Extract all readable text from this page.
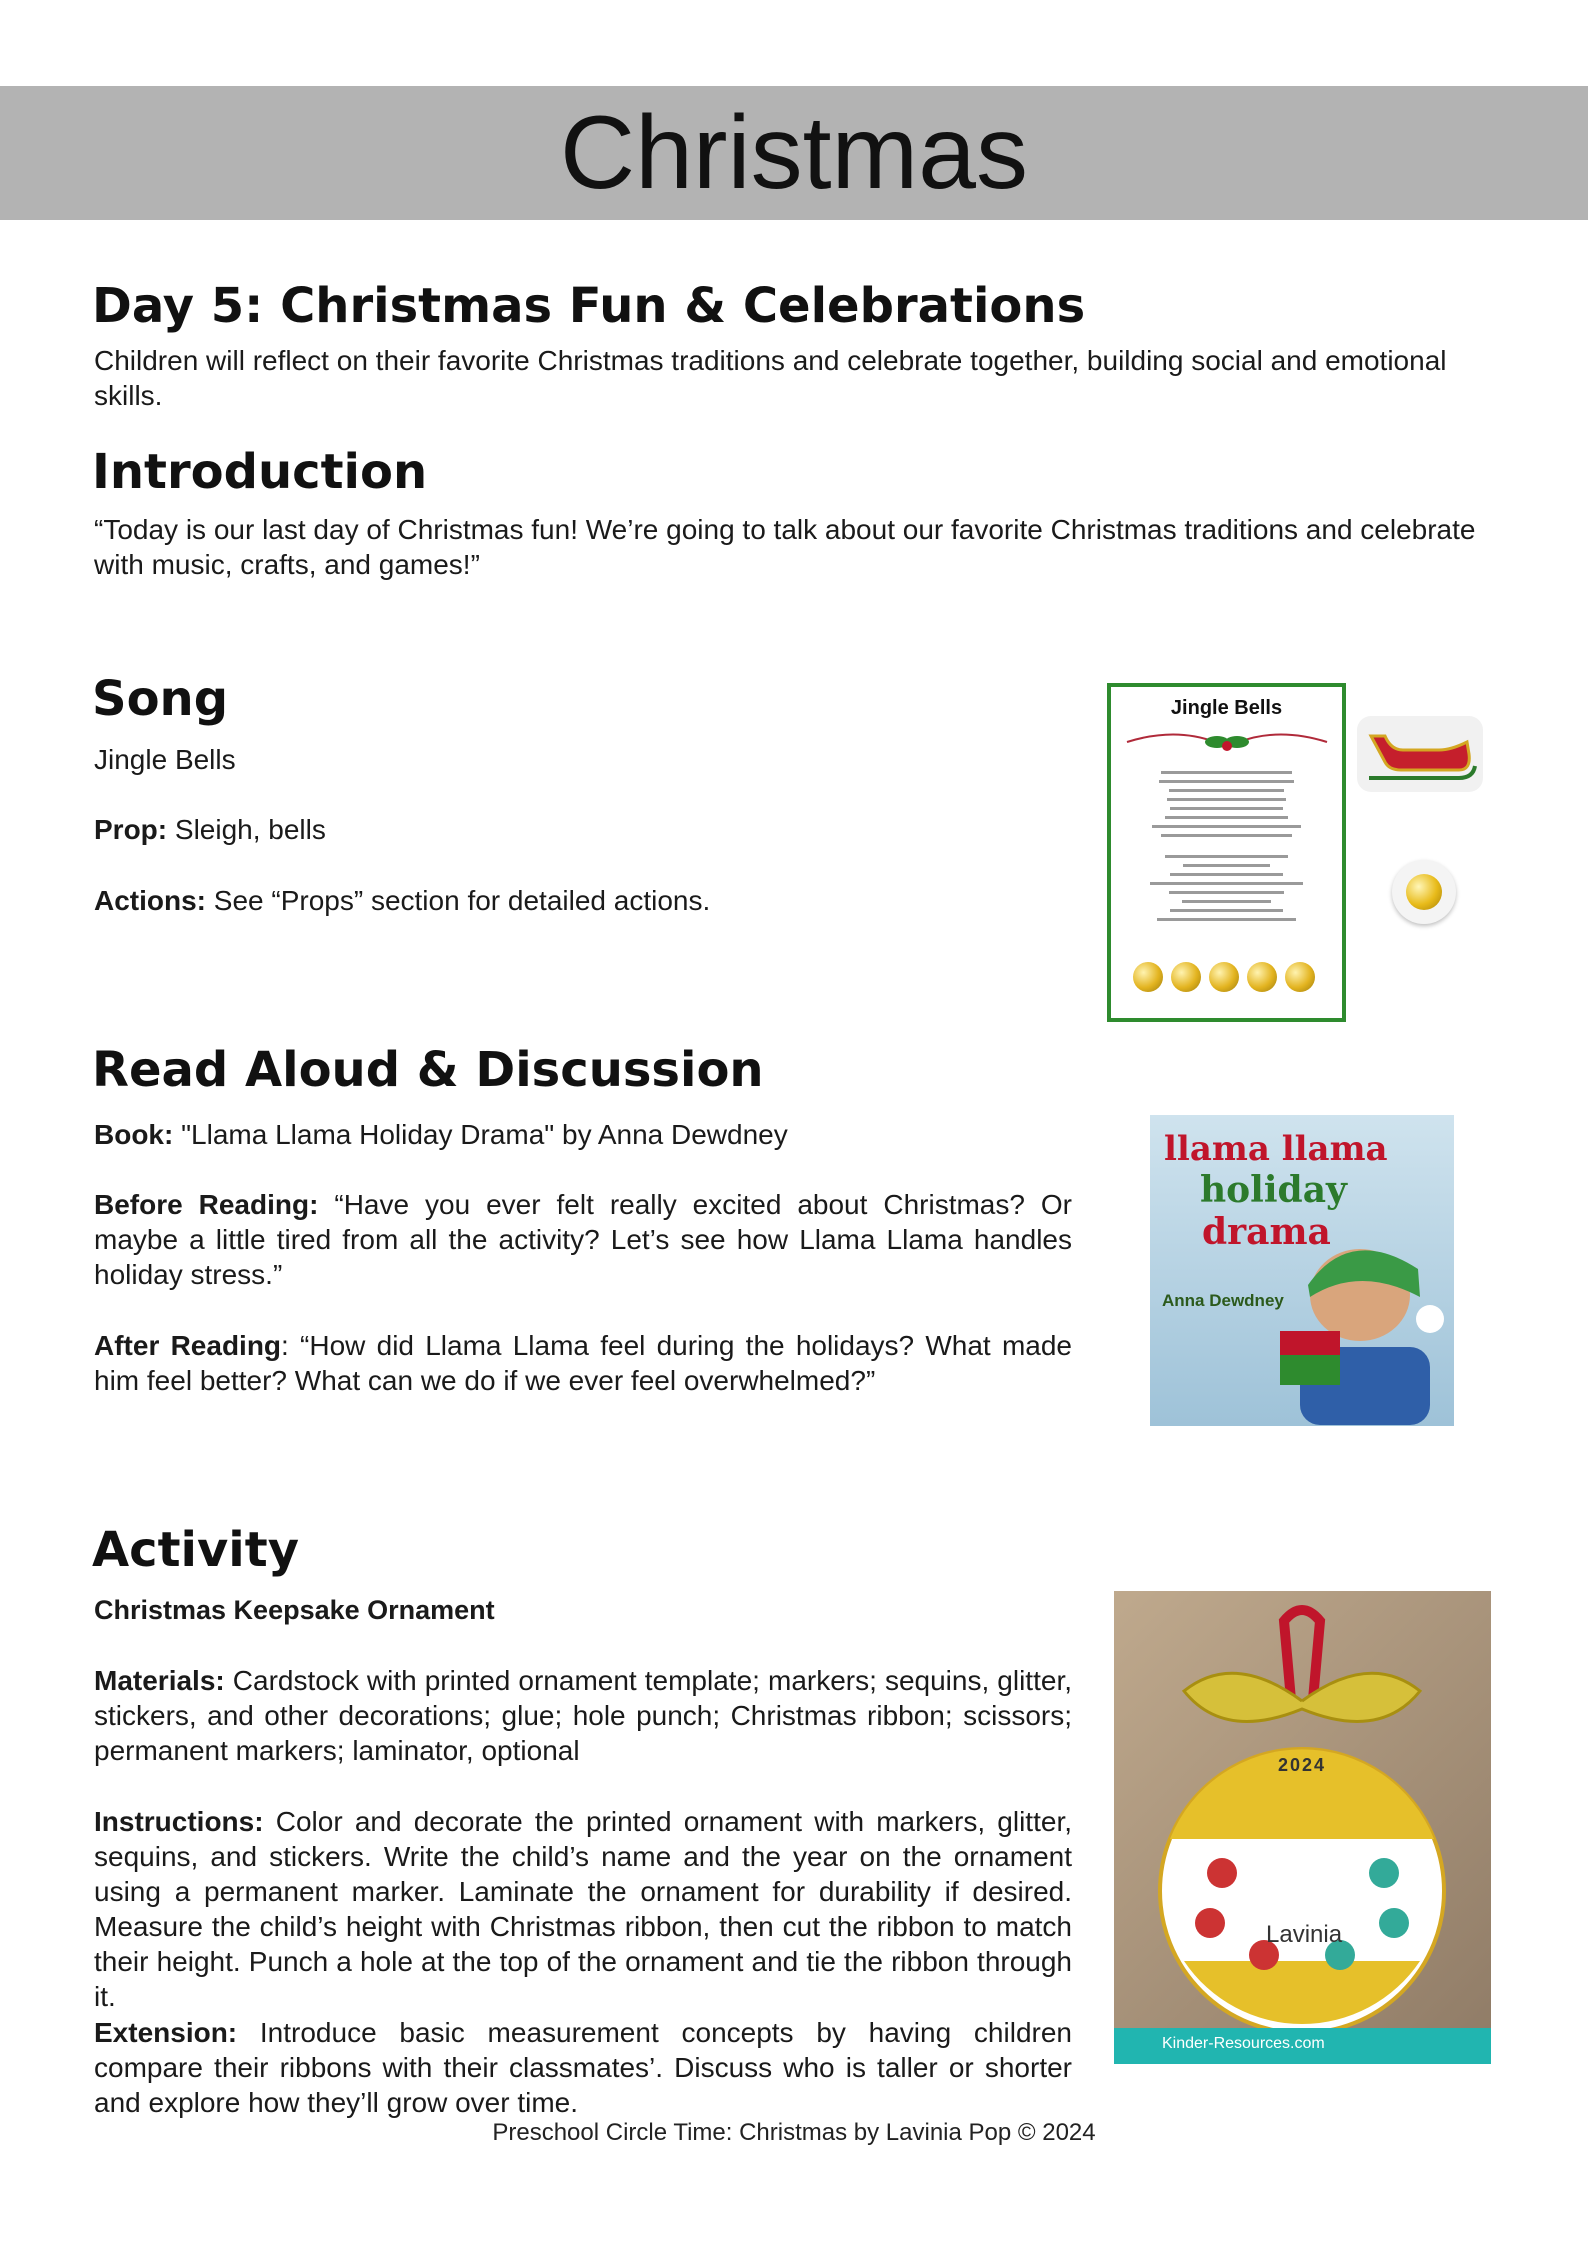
Christmas
Day 5: Christmas Fun & Celebrations

Children will reflect on their favorite Christmas traditions and celebrate together, building social and emotional skills.

Introduction

“Today is our last day of Christmas fun! We’re going to talk about our favorite Christmas traditions and celebrate with music, crafts, and games!”

Song

Jingle Bells

Prop: Sleigh, bells

Actions: See “Props” section for detailed actions.

Jingle Bells
Read Aloud & Discussion

Book: "Llama Llama Holiday Drama" by Anna Dewdney

Before Reading: “Have you ever felt really excited about Christmas? Or maybe a little tired from all the activity? Let’s see how Llama Llama handles holiday stress.”

After Reading: “How did Llama Llama feel during the holidays? What made him feel better? What can we do if we ever feel overwhelmed?”

llama llama
holiday
drama
Anna Dewdney
Activity

Christmas Keepsake Ornament

Materials: Cardstock with printed ornament template; markers; sequins, glitter, stickers, and other decorations; glue; hole punch; Christmas ribbon; scissors; permanent markers; laminator, optional

Instructions: Color and decorate the printed ornament with markers, glitter, sequins, and stickers. Write the child’s name and the year on the ornament using a permanent marker. Laminate the ornament for durability if desired. Measure the child’s height with Christmas ribbon, then cut the ribbon to match their height. Punch a hole at the top of the ornament and tie the ribbon through it.

Extension: Introduce basic measurement concepts by having children compare their ribbons with their classmates’. Discuss who is taller or shorter and explore how they’ll grow over time.

2024
Lavinia
Kinder-Resources.com
Preschool Circle Time: Christmas by Lavinia Pop © 2024
